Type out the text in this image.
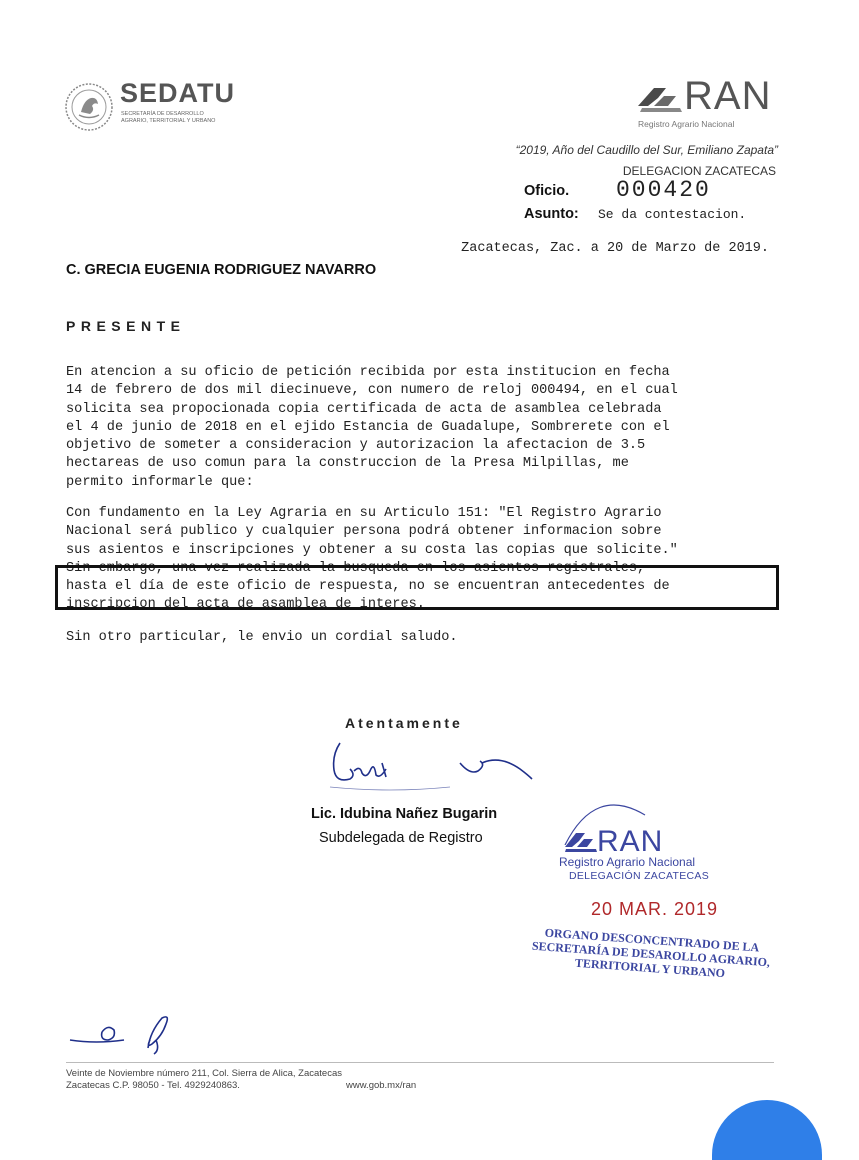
SEDATU
SECRETARÍA DE DESARROLLO AGRARIO, TERRITORIAL Y URBANO
RAN
Registro Agrario Nacional
“2019, Año del Caudillo del Sur, Emiliano Zapata”
DELEGACION ZACATECAS
Oficio. 000420
Asunto: Se da contestacion.
Zacatecas, Zac. a 20 de Marzo de 2019.
C. GRECIA EUGENIA RODRIGUEZ NAVARRO
PRESENTE

En atencion a su oficio de petición recibida por esta institucion en fecha
14 de febrero de dos mil diecinueve, con numero de reloj 000494, en el cual
solicita sea propocionada copia certificada de acta de asamblea celebrada
el 4 de junio de 2018 en el ejido Estancia de Guadalupe, Sombrerete con el
objetivo de someter a consideracion y autorizacion la afectacion de 3.5
hectareas de uso comun para la construccion de la Presa Milpillas, me
permito informarle que:

Con fundamento en la Ley Agraria en su Articulo 151: "El Registro Agrario
Nacional será publico y cualquier persona podrá obtener informacion sobre
sus asientos e inscripciones y obtener a su costa las copias que solicite."
Sin embargo, una vez realizada la busqueda en los asientos registrales,
hasta el día de este oficio de respuesta, no se encuentran antecedentes de
inscripcion del acta de asamblea de interes.

Sin otro particular, le envio un cordial saludo.
Atentamente
Lic. Idubina Nañez Bugarin
Subdelegada de Registro	RAN
Registro Agrario Nacional
DELEGACIÓN ZACATECAS
20 MAR. 2019
ORGANO DESCONCENTRADO DE LA SECRETARÍA DE DESAROLLO AGRARIO, TERRITORIAL Y URBANO
Veinte de Noviembre número 211, Col. Sierra de Alica, Zacatecas
Zacatecas C.P. 98050 - Tel. 4929240863.	www.gob.mx/ran
